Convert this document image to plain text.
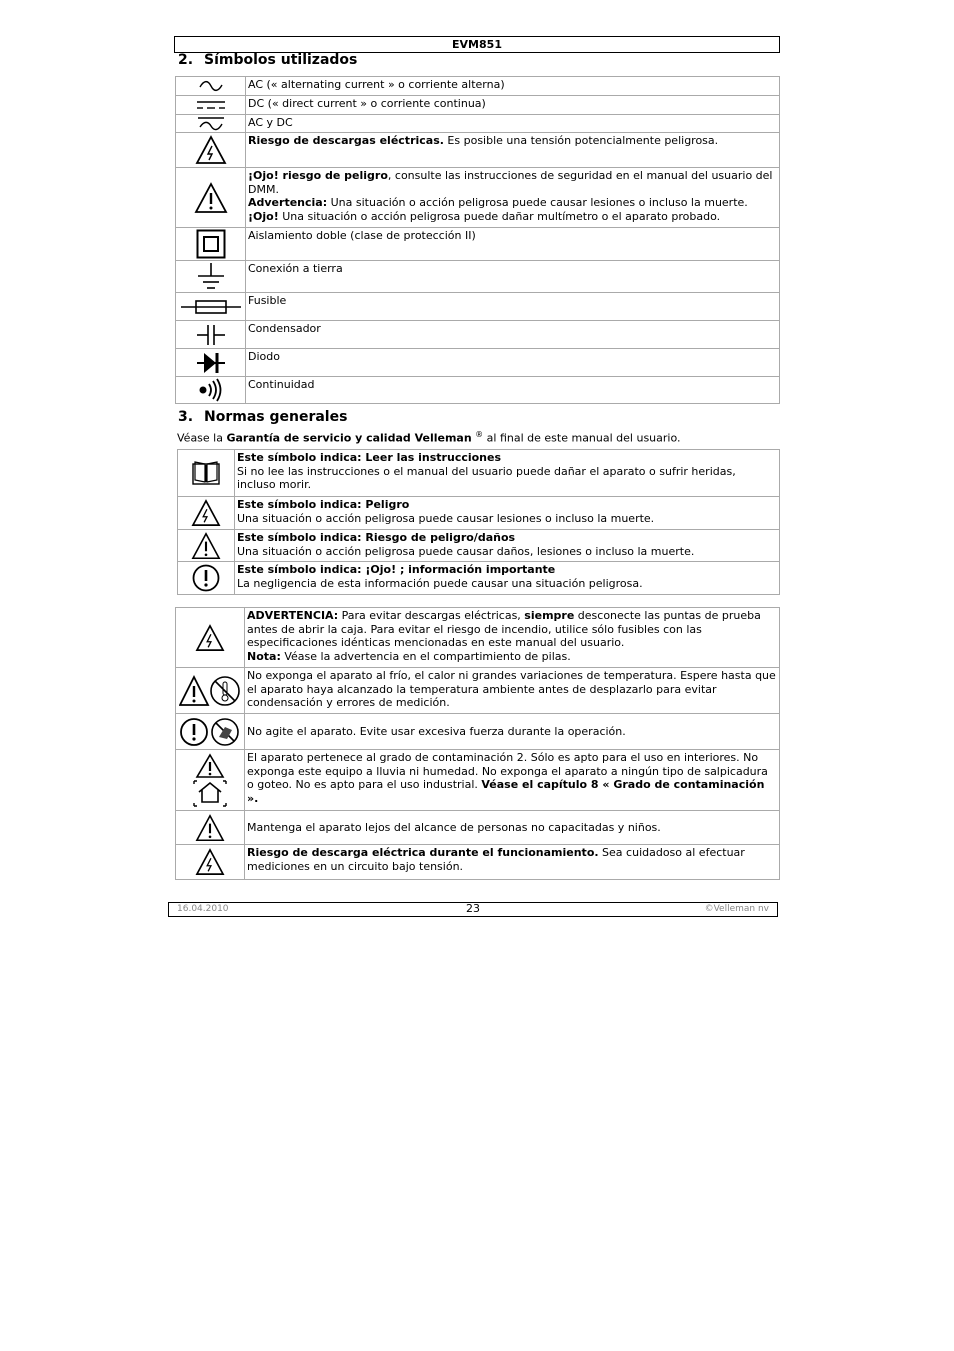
EVM851
2. Símbolos utilizados
	AC (« alternating current » o corriente alterna)

	DC (« direct current » o corriente continua)

	AC y DC

	Riesgo de descargas eléctricas. Es posible una tensión potencialmente peligrosa.

	¡Ojo! riesgo de peligro, consulte las instrucciones de seguridad en el manual del usuario del DMM.
Advertencia: Una situación o acción peligrosa puede causar lesiones o incluso la muerte.
¡Ojo! Una situación o acción peligrosa puede dañar multímetro o el aparato probado.

	Aislamiento doble (clase de protección II)

	Conexión a tierra

	Fusible

	Condensador

	Diodo

	Continuidad
3. Normas generales
Véase la Garantía de servicio y calidad Velleman ® al final de este manual del usuario.
	Este símbolo indica: Leer las instrucciones
Si no lee las instrucciones o el manual del usuario puede dañar el aparato o sufrir heridas, incluso morir.

	Este símbolo indica: Peligro
Una situación o acción peligrosa puede causar lesiones o incluso la muerte.

	Este símbolo indica: Riesgo de peligro/daños
Una situación o acción peligrosa puede causar daños, lesiones o incluso la muerte.

	Este símbolo indica: ¡Ojo! ; información importante
La negligencia de esta información puede causar una situación peligrosa.
	ADVERTENCIA: Para evitar descargas eléctricas, siempre desconecte las puntas de prueba antes de abrir la caja. Para evitar el riesgo de incendio, utilice sólo fusibles con las especificaciones idénticas mencionadas en este manual del usuario.
Nota: Véase la advertencia en el compartimiento de pilas.

	No exponga el aparato al frío, el calor ni grandes variaciones de temperatura. Espere hasta que el aparato haya alcanzado la temperatura ambiente antes de desplazarlo para evitar condensación y errores de medición.

	No agite el aparato. Evite usar excesiva fuerza durante la operación.

	El aparato pertenece al grado de contaminación 2. Sólo es apto para el uso en interiores. No exponga este equipo a lluvia ni humedad. No exponga el aparato a ningún tipo de salpicadura o goteo. No es apto para el uso industrial. Véase el capítulo 8 « Grado de contaminación ».

	Mantenga el aparato lejos del alcance de personas no capacitadas y niños.

	Riesgo de descarga eléctrica durante el funcionamiento. Sea cuidadoso al efectuar mediciones en un circuito bajo tensión.
16.04.2010	23	©Velleman nv
